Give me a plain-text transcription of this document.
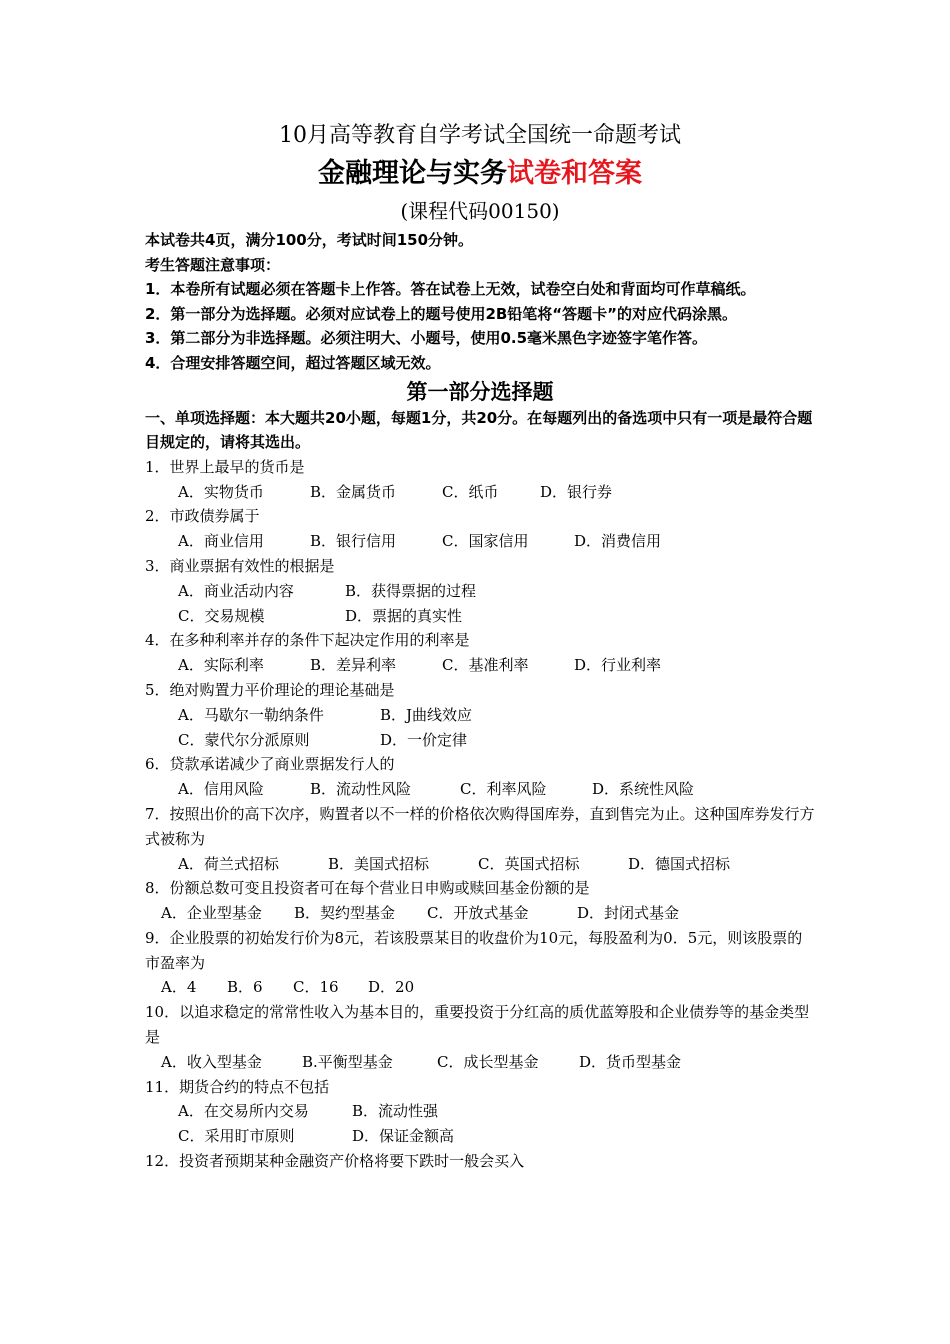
10月高等教育自学考试全国统一命题考试
金融理论与实务试卷和答案
(课程代码00150)
本试卷共4页，满分100分，考试时间150分钟。
考生答题注意事项：
1．本卷所有试题必须在答题卡上作答。答在试卷上无效，试卷空白处和背面均可作草稿纸。
2．第一部分为选择题。必须对应试卷上的题号使用2B铅笔将“答题卡”的对应代码涂黑。
3．第二部分为非选择题。必须注明大、小题号，使用0.5毫米黑色字迹签字笔作答。
4．合理安排答题空间，超过答题区域无效。
第一部分选择题
一、单项选择题：本大题共20小题，每题1分，共20分。在每题列出的备选项中只有一项是最符合题目规定的，请将其选出。
1．世界上最早的货币是
A．实物货币	B．金属货币	C．纸币	D．银行券
2．市政债券属于
A．商业信用	B．银行信用	C．国家信用	D．消费信用
3．商业票据有效性的根据是
A．商业活动内容	B．获得票据的过程
C．交易规模	D．票据的真实性
4．在多种利率并存的条件下起决定作用的利率是
A．实际利率	B．差异利率	C．基准利率	D．行业利率
5．绝对购置力平价理论的理论基础是
A．马歇尔一勒纳条件	B．J曲线效应
C．蒙代尔分派原则	D．一价定律
6．贷款承诺减少了商业票据发行人的
A．信用风险	B．流动性风险	C．利率风险	D．系统性风险
7．按照出价的高下次序，购置者以不一样的价格依次购得国库券，直到售完为止。这种国库券发行方式被称为
A．荷兰式招标	B．美国式招标	C．英国式招标	D．德国式招标
8．份额总数可变且投资者可在每个营业日申购或赎回基金份额的是
A．企业型基金 B．契约型基金 C．开放式基金	D．封闭式基金
9．企业股票的初始发行价为8元，若该股票某目的收盘价为10元，每股盈利为0．5元，则该股票的市盈率为
A．4 B．6 C．16 D．20
10．以追求稳定的常常性收入为基本目的，重要投资于分红高的质优蓝筹股和企业债券等的基金类型是
A．收入型基金	B.平衡型基金	C．成长型基金	D．货币型基金
11．期货合约的特点不包括
A．在交易所内交易	B．流动性强
C．采用盯市原则	D．保证金额高
12．投资者预期某种金融资产价格将要下跌时一般会买入
